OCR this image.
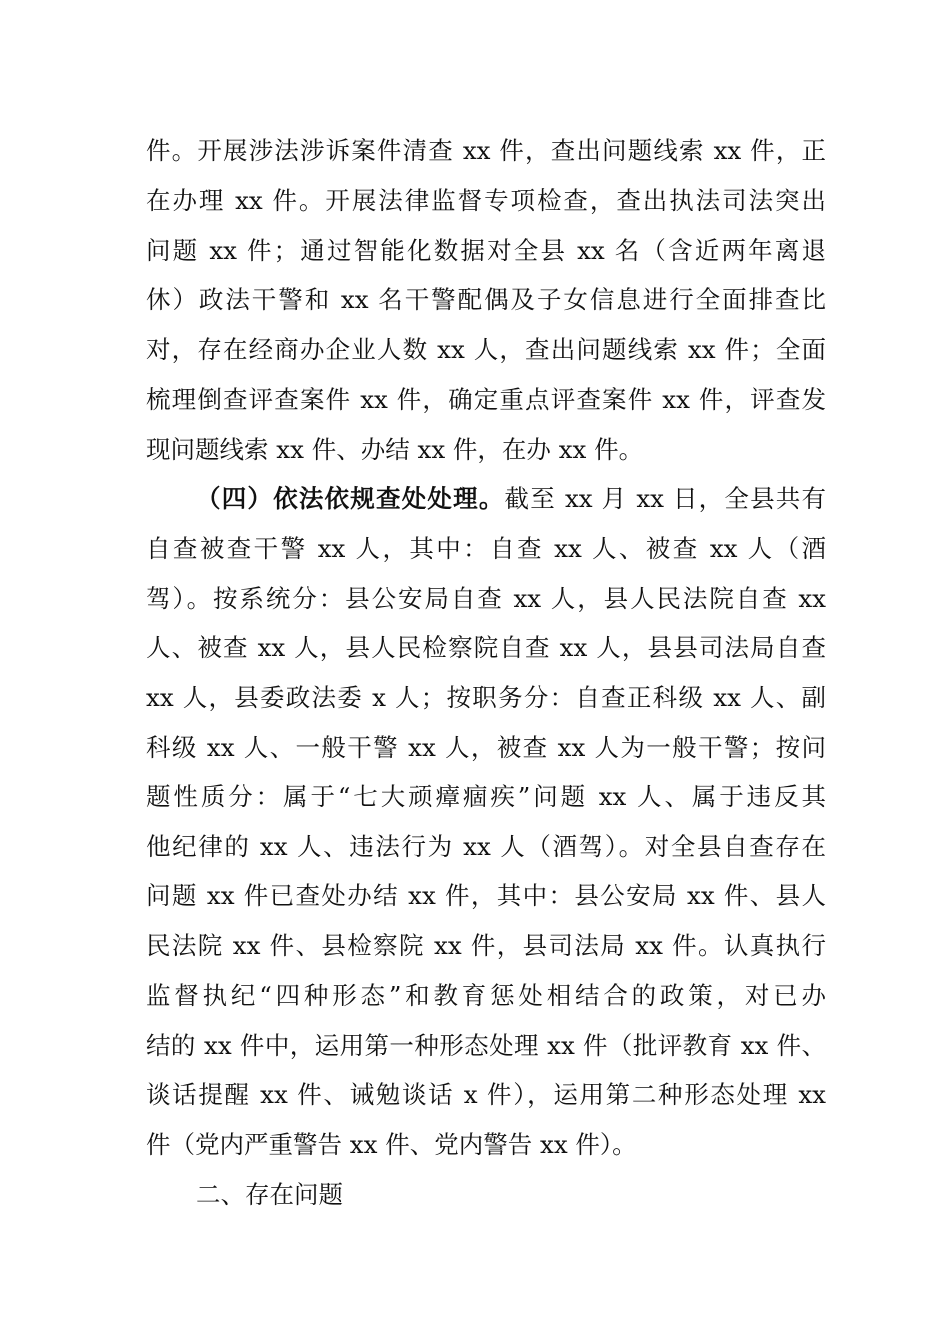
件。开展涉法涉诉案件清查 xx 件，查出问题线索 xx 件，正
在办理 xx 件。开展法律监督专项检查，查出执法司法突出
问题 xx 件；通过智能化数据对全县 xx 名（含近两年离退
休）政法干警和 xx 名干警配偶及子女信息进行全面排查比
对，存在经商办企业人数 xx 人，查出问题线索 xx 件；全面
梳理倒查评查案件 xx 件，确定重点评查案件 xx 件，评查发
现问题线索 xx 件、办结 xx 件，在办 xx 件。
（四）依法依规查处处理。截至 xx 月 xx 日，全县共有
自查被查干警 xx 人，其中：自查 xx 人、被查 xx 人（酒
驾）。按系统分：县公安局自查 xx 人，县人民法院自查 xx
人、被查 xx 人，县人民检察院自查 xx 人，县县司法局自查
xx 人，县委政法委 x 人；按职务分：自查正科级 xx 人、副
科级 xx 人、一般干警 xx 人，被查 xx 人为一般干警；按问
题性质分：属于“七大顽瘴痼疾”问题 xx 人、属于违反其
他纪律的 xx 人、违法行为 xx 人（酒驾）。对全县自查存在
问题 xx 件已查处办结 xx 件，其中：县公安局 xx 件、县人
民法院 xx 件、县检察院 xx 件，县司法局 xx 件。认真执行
监督执纪“四种形态”和教育惩处相结合的政策，对已办
结的 xx 件中，运用第一种形态处理 xx 件（批评教育 xx 件、
谈话提醒 xx 件、诫勉谈话 x 件），运用第二种形态处理 xx
件（党内严重警告 xx 件、党内警告 xx 件）。
二、存在问题
